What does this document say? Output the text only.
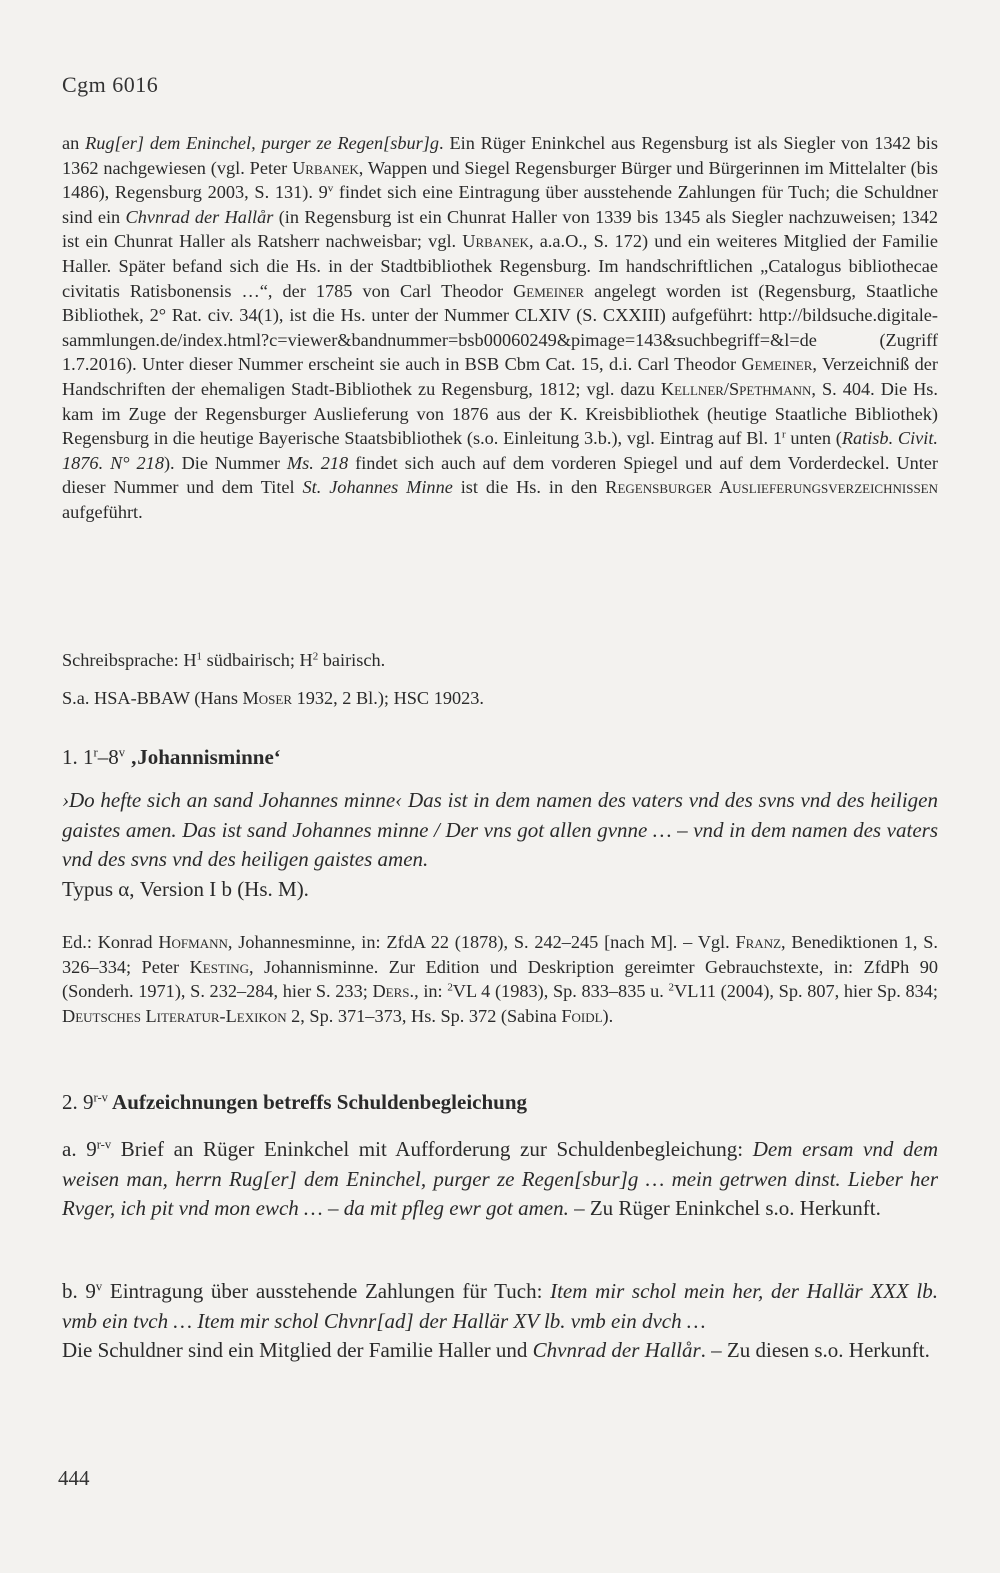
Cgm 6016

an Rug[er] dem Eninchel, purger ze Regen[sbur]g. Ein Rüger Eninkchel aus Regensburg ist als Siegler von 1342 bis 1362 nachgewiesen (vgl. Peter Urbanek, Wappen und Siegel Regensburger Bürger und Bürgerinnen im Mittelalter (bis 1486), Regensburg 2003, S. 131). 9$^v$ findet sich eine Eintragung über ausstehende Zahlungen für Tuch; die Schuldner sind ein Chvnrad der Hallår (in Regensburg ist ein Chunrat Haller von 1339 bis 1345 als Siegler nachzuweisen; 1342 ist ein Chunrat Haller als Ratsherr nachweisbar; vgl. Urbanek, a.a.O., S. 172) und ein weiteres Mitglied der Familie Haller. Später befand sich die Hs. in der Stadtbibliothek Regensburg. Im handschriftlichen „Catalogus bibliothecae civitatis Ratisbonensis …“, der 1785 von Carl Theodor Gemeiner angelegt worden ist (Regensburg, Staatliche Bibliothek, 2° Rat. civ. 34(1), ist die Hs. unter der Nummer CLXIV (S. CXXIII) aufgeführt: http://bildsuche.digitale-sammlungen.de/index.html?c=viewer&bandnummer=bsb00060249&pimage=143&suchbegriff=&l=de (Zugriff 1.7.2016). Unter dieser Nummer erscheint sie auch in BSB Cbm Cat. 15, d.i. Carl Theodor Gemeiner, Verzeichniß der Handschriften der ehemaligen Stadt-Bibliothek zu Regensburg, 1812; vgl. dazu Kellner/Spethmann, S. 404. Die Hs. kam im Zuge der Regensburger Auslieferung von 1876 aus der K. Kreisbibliothek (heutige Staatliche Bibliothek) Regensburg in die heutige Bayerische Staatsbibliothek (s.o. Einleitung 3.b.), vgl. Eintrag auf Bl. 1$^r$ unten (Ratisb. Civit. 1876. N° 218). Die Nummer Ms. 218 findet sich auch auf dem vorderen Spiegel und auf dem Vorderdeckel. Unter dieser Nummer und dem Titel St. Johannes Minne ist die Hs. in den Regensburger Auslieferungsverzeichnissen aufgeführt.

Schreibsprache: $H^1$ südbairisch; $H^2$ bairisch.

S.a. HSA-BBAW (Hans Moser 1932, 2 Bl.); HSC 19023.

1. 1$^r$–8$^v$ ‚Johannisminne‘

›Do hefte sich an sand Johannes minne‹ Das ist in dem namen des vaters vnd des svns vnd des heiligen gaistes amen. Das ist sand Johannes minne / Der vns got allen gvnne … – vnd in dem namen des vaters vnd des svns vnd des heiligen gaistes amen.

Typus α, Version I b (Hs. M).

Ed.: Konrad Hofmann, Johannesminne, in: ZfdA 22 (1878), S. 242–245 [nach M]. – Vgl. Franz, Benediktionen 1, S. 326–334; Peter Kesting, Johannisminne. Zur Edition und Deskription gereimter Gebrauchstexte, in: ZfdPh 90 (Sonderh. 1971), S. 232–284, hier S. 233; Ders., in: $^2$VL 4 (1983), Sp. 833–835 u. $^2$VL11 (2004), Sp. 807, hier Sp. 834; Deutsches Literatur-Lexikon 2, Sp. 371–373, Hs. Sp. 372 (Sabina Foidl).

2. 9$^{r-v}$ Aufzeichnungen betreffs Schuldenbegleichung

a. 9$^{r-v}$ Brief an Rüger Eninkchel mit Aufforderung zur Schuldenbegleichung: Dem ersam vnd dem weisen man, herrn Rug[er] dem Eninchel, purger ze Regen[sbur]g … mein getrwen dinst. Lieber her Rvger, ich pit vnd mon ewch … – da mit pfleg ewr got amen. – Zu Rüger Eninkchel s.o. Herkunft.

b. 9$^v$ Eintragung über ausstehende Zahlungen für Tuch: Item mir schol mein her, der Hallär XXX lb. vmb ein tvch … Item mir schol Chvnr[ad] der Hallär XV lb. vmb ein dvch …

Die Schuldner sind ein Mitglied der Familie Haller und Chvnrad der Hallår. – Zu diesen s.o. Herkunft.

444
